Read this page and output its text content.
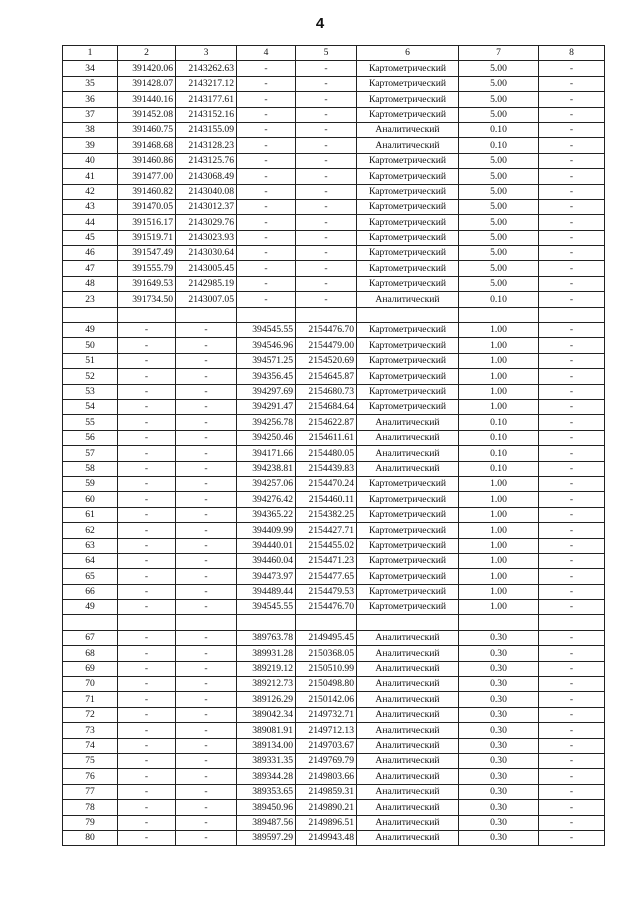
4
1	2	3	4	5	6	7	8
34	391420.06	2143262.63	-	-	Картометрический	5.00	-
35	391428.07	2143217.12	-	-	Картометрический	5.00	-
36	391440.16	2143177.61	-	-	Картометрический	5.00	-
37	391452.08	2143152.16	-	-	Картометрический	5.00	-
38	391460.75	2143155.09	-	-	Аналитический	0.10	-
39	391468.68	2143128.23	-	-	Аналитический	0.10	-
40	391460.86	2143125.76	-	-	Картометрический	5.00	-
41	391477.00	2143068.49	-	-	Картометрический	5.00	-
42	391460.82	2143040.08	-	-	Картометрический	5.00	-
43	391470.05	2143012.37	-	-	Картометрический	5.00	-
44	391516.17	2143029.76	-	-	Картометрический	5.00	-
45	391519.71	2143023.93	-	-	Картометрический	5.00	-
46	391547.49	2143030.64	-	-	Картометрический	5.00	-
47	391555.79	2143005.45	-	-	Картометрический	5.00	-
48	391649.53	2142985.19	-	-	Картометрический	5.00	-
23	391734.50	2143007.05	-	-	Аналитический	0.10	-

49	-	-	394545.55	2154476.70	Картометрический	1.00	-
50	-	-	394546.96	2154479.00	Картометрический	1.00	-
51	-	-	394571.25	2154520.69	Картометрический	1.00	-
52	-	-	394356.45	2154645.87	Картометрический	1.00	-
53	-	-	394297.69	2154680.73	Картометрический	1.00	-
54	-	-	394291.47	2154684.64	Картометрический	1.00	-
55	-	-	394256.78	2154622.87	Аналитический	0.10	-
56	-	-	394250.46	2154611.61	Аналитический	0.10	-
57	-	-	394171.66	2154480.05	Аналитический	0.10	-
58	-	-	394238.81	2154439.83	Аналитический	0.10	-
59	-	-	394257.06	2154470.24	Картометрический	1.00	-
60	-	-	394276.42	2154460.11	Картометрический	1.00	-
61	-	-	394365.22	2154382.25	Картометрический	1.00	-
62	-	-	394409.99	2154427.71	Картометрический	1.00	-
63	-	-	394440.01	2154455.02	Картометрический	1.00	-
64	-	-	394460.04	2154471.23	Картометрический	1.00	-
65	-	-	394473.97	2154477.65	Картометрический	1.00	-
66	-	-	394489.44	2154479.53	Картометрический	1.00	-
49	-	-	394545.55	2154476.70	Картометрический	1.00	-

67	-	-	389763.78	2149495.45	Аналитический	0.30	-
68	-	-	389931.28	2150368.05	Аналитический	0.30	-
69	-	-	389219.12	2150510.99	Аналитический	0.30	-
70	-	-	389212.73	2150498.80	Аналитический	0.30	-
71	-	-	389126.29	2150142.06	Аналитический	0.30	-
72	-	-	389042.34	2149732.71	Аналитический	0.30	-
73	-	-	389081.91	2149712.13	Аналитический	0.30	-
74	-	-	389134.00	2149703.67	Аналитический	0.30	-
75	-	-	389331.35	2149769.79	Аналитический	0.30	-
76	-	-	389344.28	2149803.66	Аналитический	0.30	-
77	-	-	389353.65	2149859.31	Аналитический	0.30	-
78	-	-	389450.96	2149890.21	Аналитический	0.30	-
79	-	-	389487.56	2149896.51	Аналитический	0.30	-
80	-	-	389597.29	2149943.48	Аналитический	0.30	-
